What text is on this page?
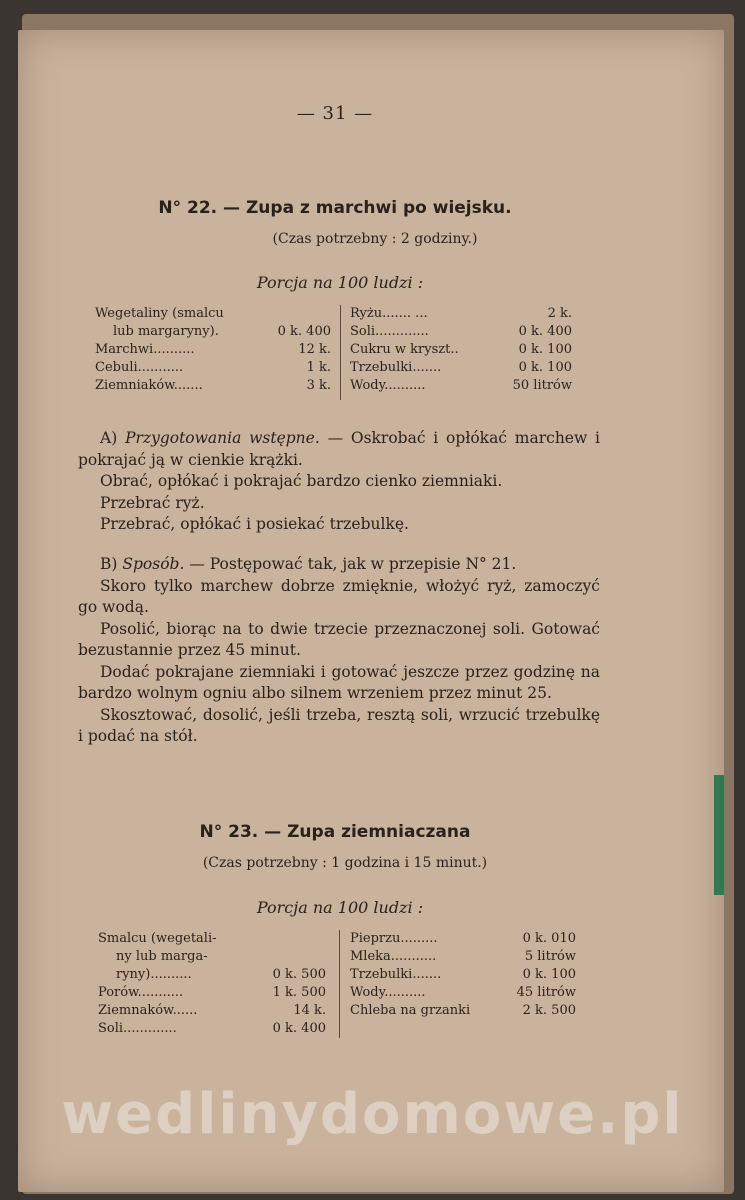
— 31 —
N° 22. — Zupa z marchwi po wiejsku.
(Czas potrzebny : 2 godziny.)
Porcja na 100 ludzi :
Wegetaliny (smalcu
lub margaryny).	0 k. 400
Marchwi..........	12 k.
Cebuli...........	1 k.
Ziemniaków.......	3 k.
Ryżu....... ...	2 k.
Soli.............	0 k. 400
Cukru w kryszt..	0 k. 100
Trzebulki.......	0 k. 100
Wody..........	50 litrów

A) Przygotowania wstępne. — Oskrobać i opłókać marchew i pokrajać ją w cienkie krążki.

Obrać, opłókać i pokrajać bardzo cienko ziemniaki.

Przebrać ryż.

Przebrać, opłókać i posiekać trzebulkę.

B) Sposób. — Postępować tak, jak w przepisie N° 21.

Skoro tylko marchew dobrze zmięknie, włożyć ryż, zamoczyć go wodą.

Posolić, biorąc na to dwie trzecie przeznaczonej soli. Gotować bezustannie przez 45 minut.

Dodać pokrajane ziemniaki i gotować jeszcze przez godzinę na bardzo wolnym ogniu albo silnem wrzeniem przez minut 25.

Skosztować, dosolić, jeśli trzeba, resztą soli, wrzucić trzebulkę i podać na stół.

N° 23. — Zupa ziemniaczana
(Czas potrzebny : 1 godzina i 15 minut.)
Porcja na 100 ludzi :
Smalcu (wegetali-
ny lub marga-
ryny)..........	0 k. 500
Porów...........	1 k. 500
Ziemnaków......	14 k.
Soli.............	0 k. 400
Pieprzu.........	0 k. 010
Mleka...........	5 litrów
Trzebulki.......	0 k. 100
Wody..........	45 litrów
Chleba na grzanki	2 k. 500
wedlinydomowe.pl
